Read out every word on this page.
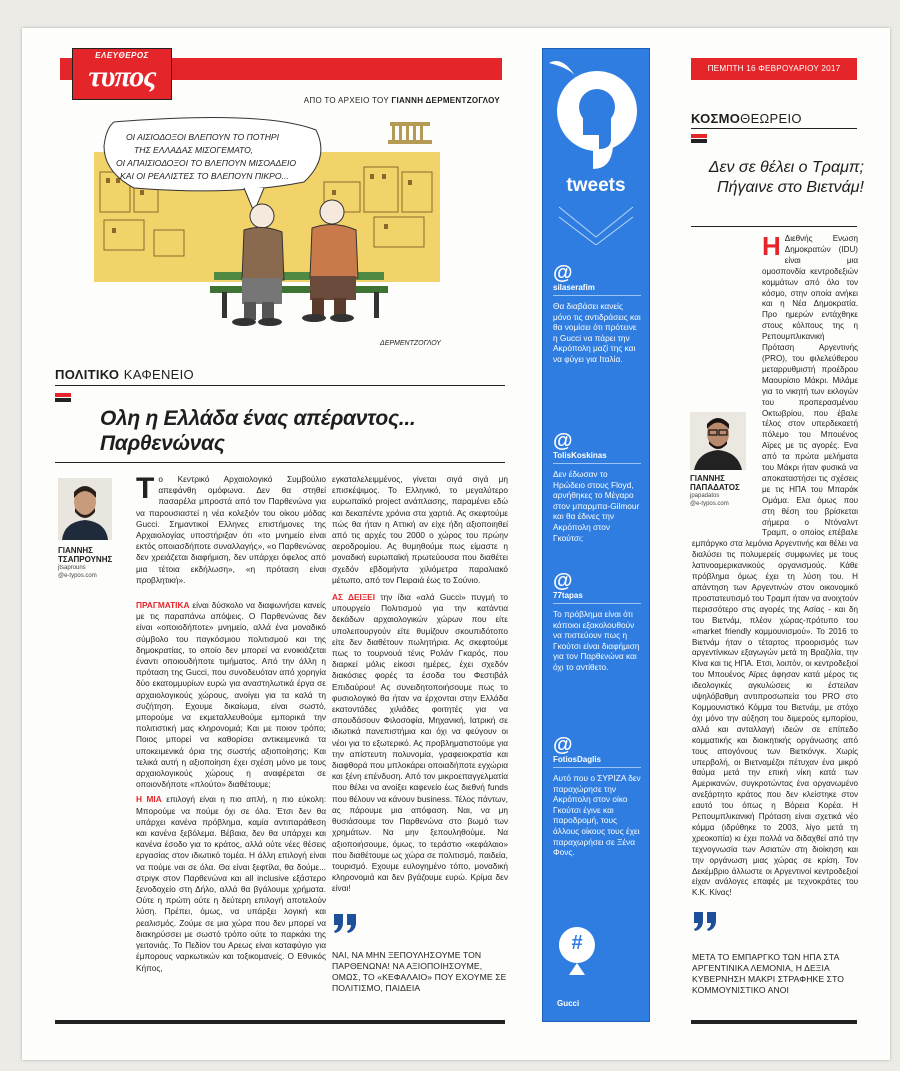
ΕΛΕΥΘΕΡΟΣ
τυπος
ΑΠΟ ΤΟ ΑΡΧΕΙΟ ΤΟΥ ΓΙΑΝΝΗ ΔΕΡΜΕΝΤΖΟΓΛΟΥ
ΟΙ ΑΙΣΙΟΔΟΞΟΙ ΒΛΕΠΟΥΝ ΤΟ ΠΟΤΗΡΙ
ΤΗΣ ΕΛΛΑΔΑΣ ΜΙΣΟΓΕΜΑΤΟ,
ΟΙ ΑΠΑΙΣΙΟΔΟΞΟΙ ΤΟ ΒΛΕΠΟΥΝ ΜΙΣΟΑΔΕΙΟ
ΚΑΙ ΟΙ ΡΕΑΛΙΣΤΕΣ ΤΟ ΒΛΕΠΟΥΝ ΠΙΚΡΟ...
ΔΕΡΜΕΝΤΖΟΓΛΟΥ
ΠΟΛΙΤΙΚΟ ΚΑΦΕΝΕΙΟ
Ολη η Ελλάδα ένας απέραντος... Παρθενώνας
ΓΙΑΝΝΗΣ
ΤΣΑΠΡΟΥΝΗΣ
jtsaprouns
@e-typos.com

Το Κεντρικό Αρχαιολογικό Συμβούλιο απεφάνθη ομόφωνα. Δεν θα στηθεί πασαρέλα μπροστά από τον Παρθενώνα για να παρουσιαστεί η νέα κολεξιόν του οίκου μόδας Gucci. Σημαντικοί Ελληνες επιστήμονες της Αρχαιολογίας υποστήριξαν ότι «το μνημείο είναι εκτός οποιασδήποτε συναλλαγής», «ο Παρθενώνας δεν χρειάζεται διαφήμιση, δεν υπάρχει όφελος από μια τέτοια εκδήλωση», «η πρόταση είναι προβλητική».

ΠΡΑΓΜΑΤΙΚΑ είναι δύσκολο να διαφωνήσει κανείς με τις παραπάνω απόψεις. Ο Παρθενώνας δεν είναι «οποιοδήποτε» μνημείο, αλλά ένα μοναδικό σύμβολο του παγκόσμιου πολιτισμού και της δημοκρατίας, το οποίο δεν μπορεί να ενοικιάζεται έναντι οποιουδήποτε τιμήματος. Από την άλλη η πρόταση της Gucci, που συνοδευόταν από χορηγία δύο εκατομμυρίων ευρώ για αναστηλωτικά έργα σε αρχαιολογικούς χώρους, ανοίγει για τα καλά τη συζήτηση. Εχουμε δικαίωμα, είναι σωστό, μπορούμε να εκμεταλλευθούμε εμπορικά την πολιτιστική μας κληρονομιά; Και με ποιον τρόπο; Ποιος μπορεί να καθορίσει αντικειμενικά τα υποκειμενικά όρια της σωστής αξιοποίησης; Και τελικά αυτή η αξιοποίηση έχει σχέση μόνο με τους αρχαιολογικούς χώρους η αναφέρεται σε οποιονδήποτε «πλούτο» διαθέτουμε;

Η ΜΙΑ επιλογή είναι η πιο απλή, η πιο εύκολη: Μπορούμε να πούμε όχι σε όλα. Έτσι δεν θα υπάρχει κανένα πρόβλημα, καμία αντιπαράθεση και κανένα ξεβόλεμα. Βέβαια, δεν θα υπάρχει και κανένα έσοδο για το κράτος, αλλά ούτε νέες θέσεις εργασίας στον ιδιωτικό τομέα. Η άλλη επιλογή είναι να πούμε ναι σε όλα. Θα είναι ξεφτίλα, θα δούμε... στριγκ στον Παρθενώνα και all inclusive εξάστερο ξενοδοχείο στη Δήλο, αλλά θα βγάλουμε χρήματα. Ούτε η πρώτη ούτε η δεύτερη επιλογή αποτελούν λύση. Πρέπει, όμως, να υπάρξει λογική και ρεαλισμός. Ζούμε σε μια χώρα που δεν μπορεί να διακηρύσσει με σωστό τρόπο ούτε το παρκάκι της γειτονιάς. Το Πεδίον του Αρεως είναι καταφύγιο για έμπορους ναρκωτικών και τοξικομανείς. Ο Εθνικός Κήπος,

εγκαταλελειμμένος, γίνεται σιγά σιγά μη επισκέψιμος. Το Ελληνικό, το μεγαλύτερο ευρωπαϊκό project ανάπλασης, παραμένει εδώ και δεκαπέντε χρόνια στα χαρτιά. Ας σκεφτούμε πώς θα ήταν η Αττική αν είχε ήδη αξιοποιηθεί από τις αρχές του 2000 ο χώρος του πρώην αεροδρομίου. Ας θυμηθούμε πως είμαστε η μοναδική ευρωπαϊκή πρωτεύουσα που διαθέτει σχεδόν εβδομήντα χιλιόμετρα παραλιακό μέτωπο, από τον Πειραιά έως το Σούνιο.

ΑΣ ΔΕΙΞΕΙ την ίδια «αλά Gucci» πυγμή το υπουργείο Πολιτισμού για την κατάντια δεκάδων αρχαιολογικών χώρων που είτε υπολειτουργούν είτε θυμίζουν σκουπιδότοπο είτε δεν διαθέτουν πωλητήρια. Ας σκεφτούμε πως το τουρνουά τένις Ρολάν Γκαρός, που διαρκεί μόλις είκοσι ημέρες, έχει σχεδόν διακόσιες φορές τα έσοδα του Φεστιβάλ Επιδαύρου! Ας συνειδητοποιήσουμε πως το φυσιολογικό θα ήταν να έρχονται στην Ελλάδα εκατοντάδες χιλιάδες φοιτητές για να σπουδάσουν Φιλοσοφία, Μηχανική, Ιατρική σε ιδιωτικά πανεπιστήμια και όχι να φεύγουν οι νέοι για το εξωτερικό. Ας προβληματιστούμε για την απίστευτη πολυνομία, γραφειοκρατία και διαφθορά που μπλοκάρει οποιαδήποτε εγχώρια και ξένη επένδυση. Από τον μικροεπαγγελματία που θέλει να ανοίξει καφενείο έως διεθνή funds που θέλουν να κάνουν business. Τέλος πάντων, ας πάρουμε μια απόφαση. Ναι, να μη θυσιάσουμε τον Παρθενώνα στο βωμό των χρημάτων. Να μην ξεπουληθούμε. Να αξιοποιήσουμε, όμως, το τεράστιο «κεφάλαιο» που διαθέτουμε ως χώρα σε πολιτισμό, παιδεία, τουρισμό. Εχουμε ευλογημένο τόπο, μοναδική κληρονομιά και δεν βγάζουμε ευρώ. Κρίμα δεν είναι!

ΝΑΙ, ΝΑ ΜΗΝ ΞΕΠΟΥΛΗΣΟΥΜΕ ΤΟΝ ΠΑΡΘΕΝΩΝΑ! ΝΑ ΑΞΙΟΠΟΙΗΣΟΥΜΕ, ΟΜΩΣ, ΤΟ «ΚΕΦΑΛΑΙΟ» ΠΟΥ ΕΧΟΥΜΕ ΣΕ ΠΟΛΙΤΙΣΜΟ, ΠΑΙΔΕΙΑ
tweets
@
silaserafim
Θα διαβάσει κανείς μόνο τις αντιδράσεις και θα νομίσει ότι πρότεινε η Gucci να πάρει την Ακρόπολη μαζί της και να φύγει για Ιταλία.
@
TolisKoskinas
Δεν έδωσαν το Ηρώδειο στους Floyd, αρνήθηκες το Μέγαρο στον μπαρμπα-Gilmour και θα έδινες την Ακρόπολη στον Γκούτσι;
@
77tapas
Το πρόβλημα είναι ότι κάποιοι εξακολουθούν να πιστεύουν πως η Γκούτσι είναι διαφήμιση για τον Παρθενώνα και όχι το αντίθετο.
@
FotiosDaglis
Αυτό που ο ΣΥΡΙΖΑ δεν παραχώρησε την Ακρόπολη στον οίκο Γκούτσι έγινε και παροδρομή, τους άλλους οίκους τους έχει παραχωρήσει σε Ξένα Φονς.
#
Gucci
ΠΕΜΠΤΗ 16 ΦΕΒΡΟΥΑΡΙΟΥ 2017
ΚΟΣΜΟΘΕΩΡΕΙΟ
Δεν σε θέλει ο Τραμπ; Πήγαινε στο Βιετνάμ!
ΓΙΑΝΝΗΣ
ΠΑΠΑΔΑΤΟΣ
jpapadatos
@e-typos.com

Η Διεθνής Ενωση Δημοκρατών (IDU) είναι μια ομοσπονδία κεντροδεξιών κομμάτων από όλο τον κόσμο, στην οποία ανήκει και η Νέα Δημοκρατία. Προ ημερών εντάχθηκε στους κόλπους της η Ρεπουμπλικανική Πρόταση Αργεντινής (PRO), του φιλελεύθερου μεταρρυθμιστή προέδρου Μαουρίσιο Μάκρι. Μιλάμε για το νικητή των εκλογών του προπερασμένου Οκτωβρίου, που έβαλε τέλος στον υπερδεκαετή πόλεμο του Μπουένος Αϊρες με τις αγορές. Ενα από τα πρώτα μελήματα του Μάκρι ήταν φυσικά να αποκαταστήσει τις σχέσεις με τις ΗΠΑ του Μπαράκ Ομάμα. Ελα όμως που στη θέση του βρίσκεται σήμερα ο Ντόναλντ Τραμπ, ο οποίος επέβαλε εμπάργκο στα λεμόνια Αργεντινής και θέλει να διαλύσει τις πολυμερείς συμφωνίες με τους λατινοαμερικανικούς οργανισμούς. Κάθε πρόβλημα όμως έχει τη λύση του. Η απάντηση των Αργεντινών στον οικονομικό προστατευτισμό του Τραμπ ήταν να ανοιχτούν περισσότερο στις αγορές της Ασίας - και δη του Βιετνάμ, πλέον χώρας-πρότυπο του «market friendly κομμουνισμού». Το 2016 το Βιετνάμ ήταν ο τέταρτος προορισμός των αργεντίνικων εξαγωγών μετά τη Βραζιλία, την Κίνα και τις ΗΠΑ. Ετσι, λοιπόν, οι κεντροδεξιοί του Μπουένος Αϊρες άφησαν κατά μέρος τις ιδεολογικές αγκυλώσεις κι έστειλαν υψηλόβαθμη αντιπροσωπεία του PRO στο Κομμουνιστικό Κόμμα του Βιετνάμ, με στόχο όχι μόνο την αύξηση του διμερούς εμπορίου, αλλά και ανταλλαγή ιδεών σε επίπεδο κομματικής και διοικητικής οργάνωσης από τους απογόνους των Βιετκόνγκ. Χωρίς υπερβολή, οι Βιετναμέζοι πέτυχαν ένα μικρό θαύμα μετά την επική νίκη κατά των Αμερικανών, συγκροτώντας ένα οργανωμένο ανεξάρτητο κράτος που δεν κλείστηκε στον εαυτό του όπως η Βόρεια Κορέα. Η Ρεπουμπλικανική Πρόταση είναι σχετικά νέο κόμμα (ιδρύθηκε το 2003, λίγο μετά τη χρεοκοπία) κι έχει πολλά να διδαχθεί από την τεχνογνωσία των Ασιατών στη διοίκηση και την οργάνωση μιας χώρας σε κρίση. Τον Δεκέμβριο άλλωστε οι Αργεντινοί κεντροδεξιοί είχαν ανάλογες επαφές με τεχνοκράτες του Κ.Κ. Κίνας!

ΜΕΤΑ ΤΟ ΕΜΠΑΡΓΚΟ ΤΩΝ ΗΠΑ ΣΤΑ ΑΡΓΕΝΤΙΝΙΚΑ ΛΕΜΟΝΙΑ, Η ΔΕΞΙΑ ΚΥΒΕΡΝΗΣΗ ΜΑΚΡΙ ΣΤΡΑΦΗΚΕ ΣΤΟ ΚΟΜΜΟΥΝΙΣΤΙΚΟ ΑΝΟΙ
